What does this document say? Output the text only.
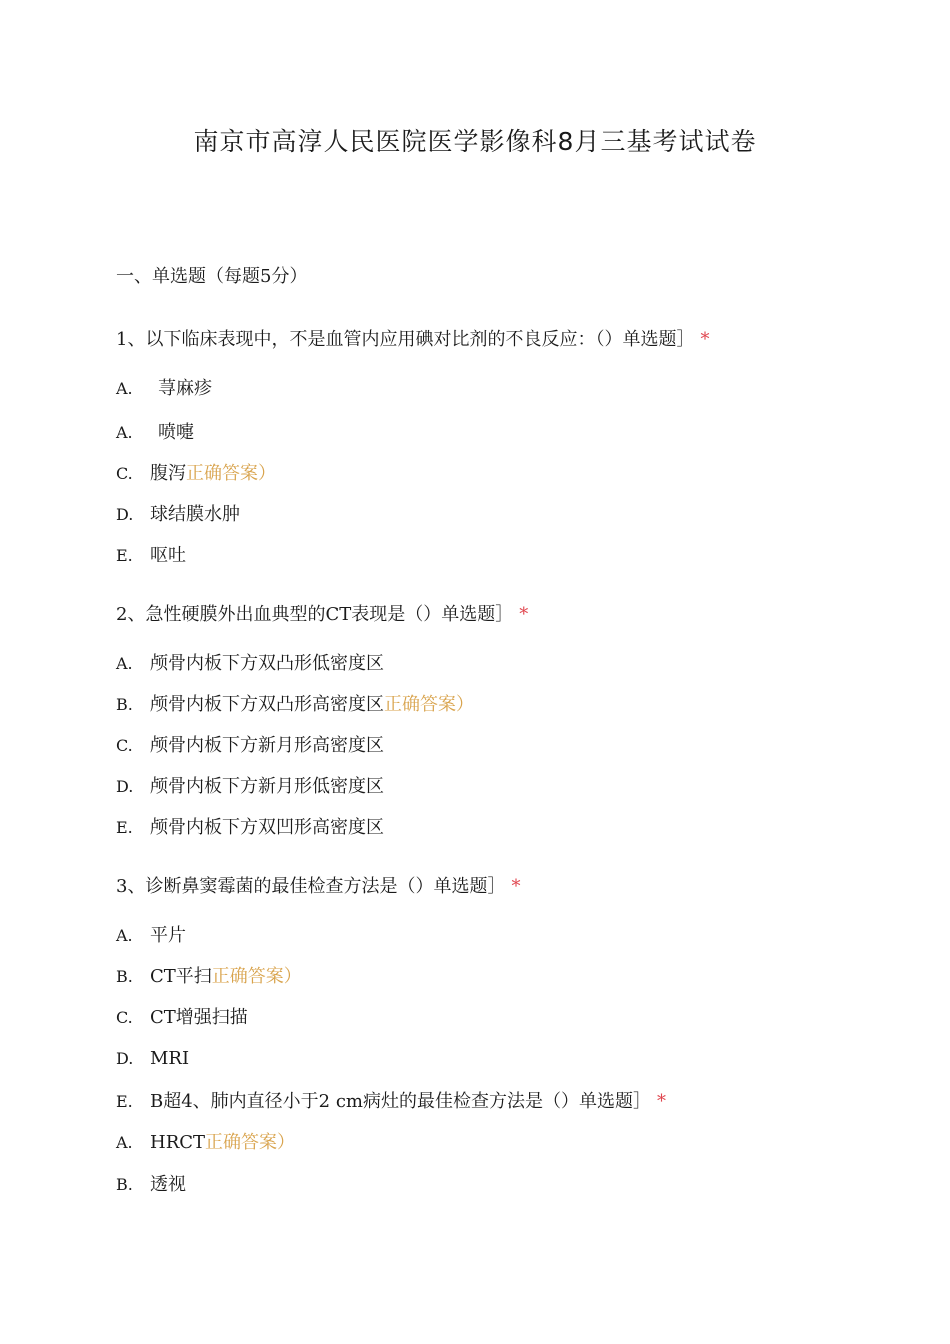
南京市高淳人民医院医学影像科8月三基考试试卷
一、单选题（每题5分）
1、以下临床表现中，不是血管内应用碘对比剂的不良反应：（）单选题］ *
A. 荨麻疹
A. 喷嚏
C. 腹泻正确答案）
D. 球结膜水肿
E. 呕吐
2、急性硬膜外出血典型的CT表现是（）单选题］ *
A. 颅骨内板下方双凸形低密度区
B. 颅骨内板下方双凸形高密度区正确答案）
C. 颅骨内板下方新月形高密度区
D. 颅骨内板下方新月形低密度区
E. 颅骨内板下方双凹形高密度区
3、诊断鼻窦霉菌的最佳检查方法是（）单选题］ *
A. 平片
B. CT平扫正确答案）
C. CT增强扫描
D. MRI
E. B超4、肺内直径小于2 cm病灶的最佳检查方法是（）单选题］ *
A. HRCT正确答案）
B. 透视
